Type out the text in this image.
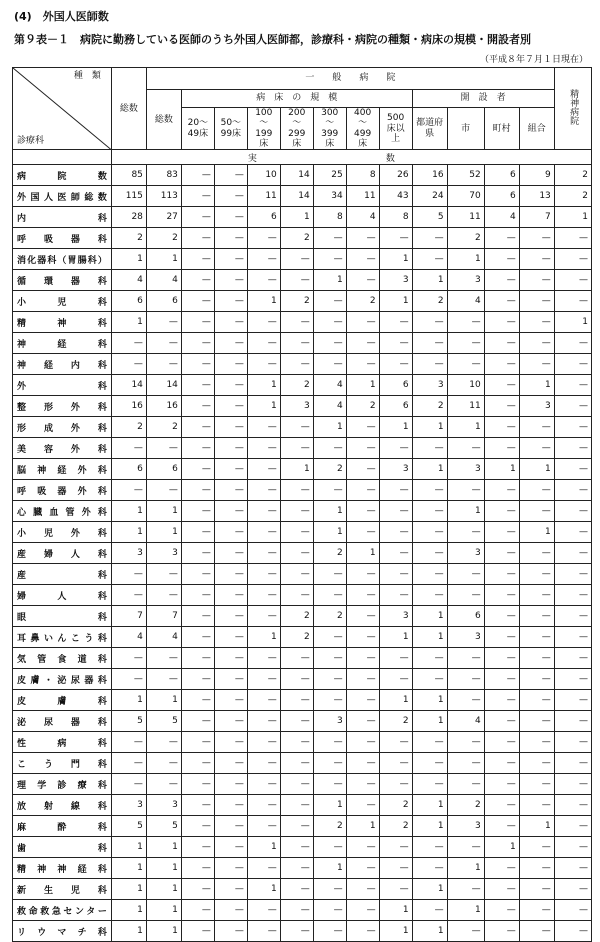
(4)　外国人医師数
第９表－１　病院に勤務している医師のうち外国人医師都，診療科・病院の種類・病床の規模・開設者別
（平成８年７月１日現在）
種　類
診療科	総数	一　　般　　病　　院												精神病院
		総数	病　床　の　規　模							開　設　者				
			20～49床	50～99床	100～199床	200～299床	300～399床	400～499床	500床以上	都道府県	市	町村	組合	
	実　数													
病院数	85	83	—	—	10	14	25	8	26	16	52	6	9	2
外国人医師総数	115	113	—	—	11	14	34	11	43	24	70	6	13	2
内科	28	27	—	—	6	1	8	4	8	5	11	4	7	1
呼吸器科	2	2	—	—	—	2	—	—	—	—	2	—	—	—
消化器科（胃腸科）	1	1	—	—	—	—	—	—	1	—	1	—	—	—
循環器科	4	4	—	—	—	—	1	—	3	1	3	—	—	—
小児科	6	6	—	—	1	2	—	2	1	2	4	—	—	—
精神科	1	—	—	—	—	—	—	—	—	—	—	—	—	1
神経科	—	—	—	—	—	—	—	—	—	—	—	—	—	—
神経内科	—	—	—	—	—	—	—	—	—	—	—	—	—	—
外科	14	14	—	—	1	2	4	1	6	3	10	—	1	—
整形外科	16	16	—	—	1	3	4	2	6	2	11	—	3	—
形成外科	2	2	—	—	—	—	1	—	1	1	1	—	—	—
美容外科	—	—	—	—	—	—	—	—	—	—	—	—	—	—
脳神経外科	6	6	—	—	—	1	2	—	3	1	3	1	1	—
呼吸器外科	—	—	—	—	—	—	—	—	—	—	—	—	—	—
心臓血管外科	1	1	—	—	—	—	1	—	—	—	1	—	—	—
小児外科	1	1	—	—	—	—	1	—	—	—	—	—	1	—
産婦人科	3	3	—	—	—	—	2	1	—	—	3	—	—	—
産科	—	—	—	—	—	—	—	—	—	—	—	—	—	—
婦人科	—	—	—	—	—	—	—	—	—	—	—	—	—	—
眼科	7	7	—	—	—	2	2	—	3	1	6	—	—	—
耳鼻いんこう科	4	4	—	—	1	2	—	—	1	1	3	—	—	—
気管食道科	—	—	—	—	—	—	—	—	—	—	—	—	—	—
皮膚・泌尿器科	—	—	—	—	—	—	—	—	—	—	—	—	—	—
皮膚科	1	1	—	—	—	—	—	—	1	1	—	—	—	—
泌尿器科	5	5	—	—	—	—	3	—	2	1	4	—	—	—
性病科	—	—	—	—	—	—	—	—	—	—	—	—	—	—
こう門科	—	—	—	—	—	—	—	—	—	—	—	—	—	—
理学診療科	—	—	—	—	—	—	—	—	—	—	—	—	—	—
放射線科	3	3	—	—	—	—	1	—	2	1	2	—	—	—
麻酔科	5	5	—	—	—	—	2	1	2	1	3	—	1	—
歯科	1	1	—	—	1	—	—	—	—	—	—	1	—	—
精神神経科	1	1	—	—	—	—	1	—	—	—	1	—	—	—
新生児科	1	1	—	—	1	—	—	—	—	1	—	—	—	—
救命救急センター	1	1	—	—	—	—	—	—	1	—	1	—	—	—
リウマチ科	1	1	—	—	—	—	—	—	1	1	—	—	—	—
